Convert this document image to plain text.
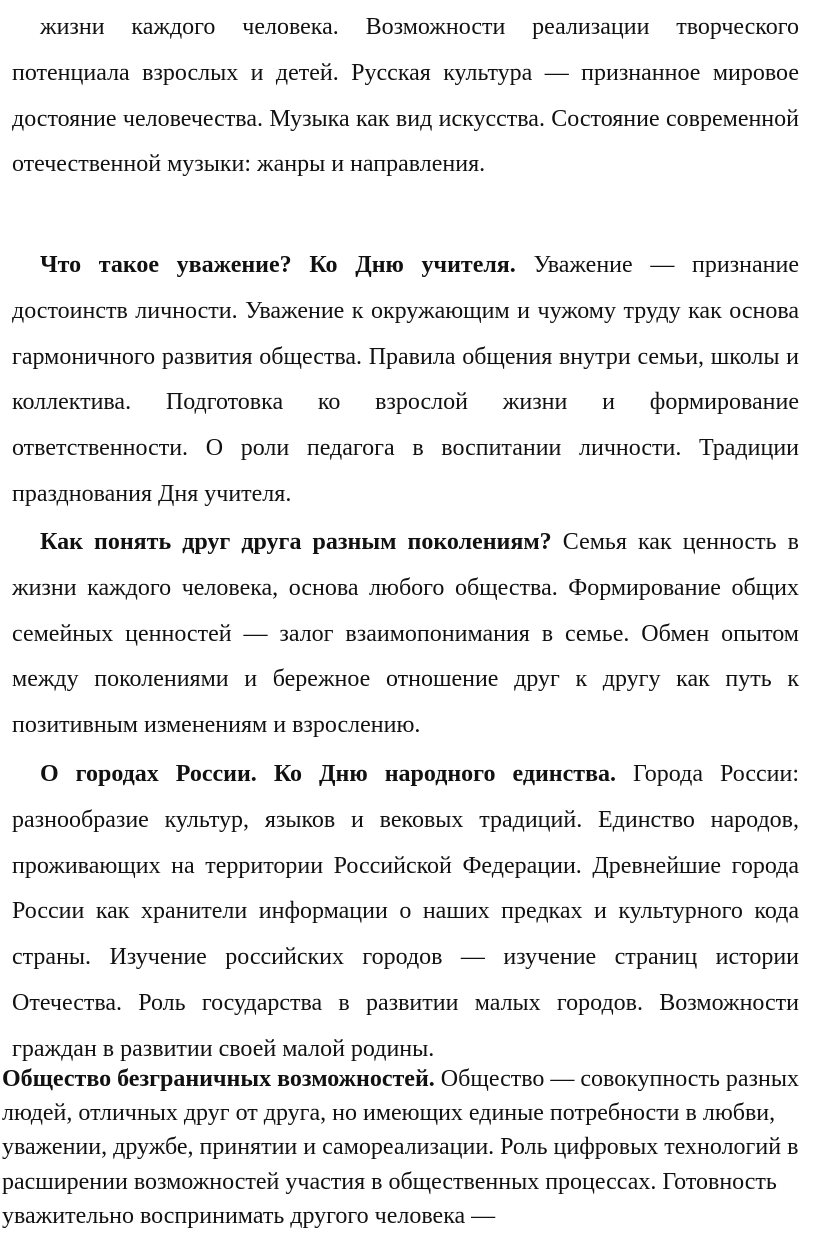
жизни каждого человека. Возможности реализации творческого потенциала взрослых и детей. Русская культура — признанное мировое достояние человечества. Музыка как вид искусства. Состояние современной отечественной музыки: жанры и направления.

Что такое уважение? Ко Дню учителя. Уважение — признание достоинств личности. Уважение к окружающим и чужому труду как основа гармоничного развития общества. Правила общения внутри семьи, школы и коллектива. Подготовка ко взрослой жизни и формирование ответственности. О роли педагога в воспитании личности. Традиции празднования Дня учителя.

Как понять друг друга разным поколениям? Семья как ценность в жизни каждого человека, основа любого общества. Формирование общих семейных ценностей — залог взаимопонимания в семье. Обмен опытом между поколениями и бережное отношение друг к другу как путь к позитивным изменениям и взрослению.

О городах России. Ко Дню народного единства. Города России: разнообразие культур, языков и вековых традиций. Единство народов, проживающих на территории Российской Федерации. Древнейшие города России как хранители информации о наших предках и культурного кода страны. Изучение российских городов — изучение страниц истории Отечества. Роль государства в развитии малых городов. Возможности граждан в развитии своей малой родины.

Общество безграничных возможностей. Общество — совокупность разных людей, отличных друг от друга, но имеющих единые потребности в любви, уважении, дружбе, принятии и самореализации. Роль цифровых технологий в расширении возможностей участия в общественных процессах. Готовность уважительно воспринимать другого человека —
